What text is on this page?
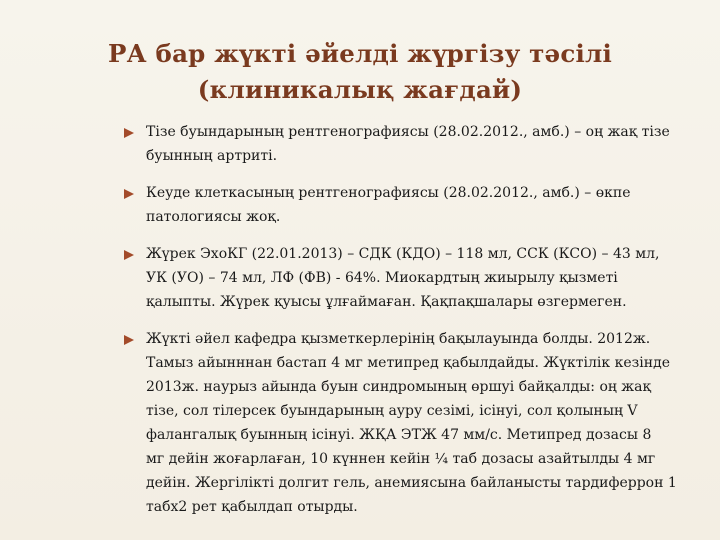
РА бар жүкті әйелді жүргізу тәсілі
(клиникалық жағдай)
Тізе буындарының рентгенографиясы (28.02.2012., амб.) – оң жақ тізе
буынның артриті.
Кеуде клеткасының рентгенографиясы (28.02.2012., амб.) – өкпе
патологиясы жоқ.
Жүрек ЭхоКГ (22.01.2013) – СДК (КДО) – 118 мл, ССК (КСО) – 43 мл,
УК (УО) – 74 мл, ЛФ (ФВ) - 64%. Миокардтың жиырылу қызметі
қалыпты. Жүрек қуысы ұлғаймаған. Қақпақшалары өзгермеген.
Жүкті әйел кафедра қызметкерлерінің бақылауында болды. 2012ж.
Тамыз айынннан бастап 4 мг метипред қабылдайды. Жүктілік кезінде
2013ж. наурыз айында буын синдромының өршуі байқалды: оң жақ
тізе, сол тілерсек буындарының ауру сезімі, ісінуі, сол қолының V
фалангалық буынның ісінуі. ЖҚА ЭТЖ 47 мм/с. Метипред дозасы 8
мг дейін жоғарлаған, 10 күннен кейін ¼ таб дозасы азайтылды 4 мг
дейін. Жергілікті долгит гель, анемиясына байланысты тардиферрон 1
табх2 рет қабылдап отырды.
